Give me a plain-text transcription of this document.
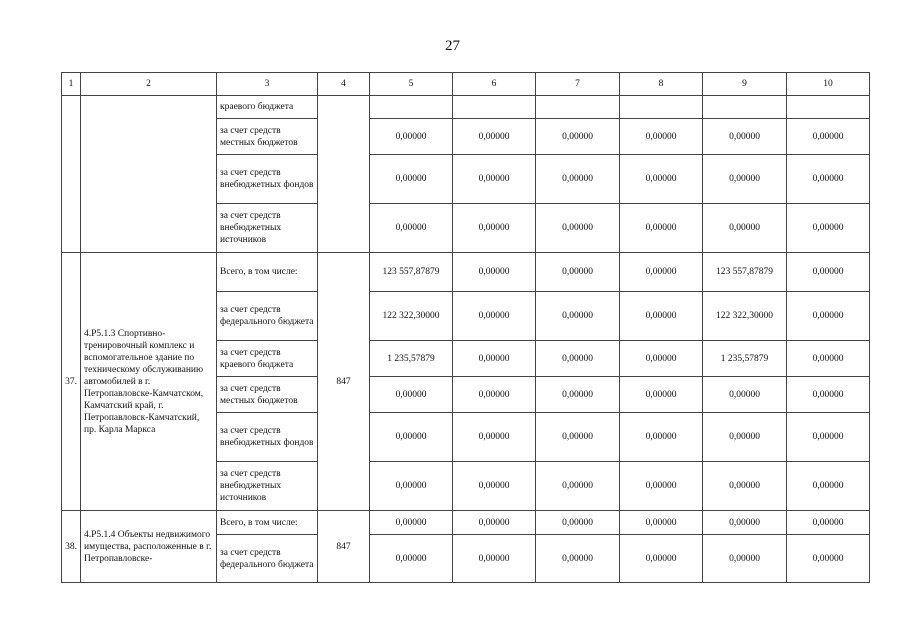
27
1	2	3	4	5	6	7	8	9	10
		краевого бюджета							
		за счет средств местных бюджетов		0,00000	0,00000	0,00000	0,00000	0,00000	0,00000
		за счет средств внебюджетных фондов		0,00000	0,00000	0,00000	0,00000	0,00000	0,00000
		за счет средств внебюджетных источников		0,00000	0,00000	0,00000	0,00000	0,00000	0,00000
37.	4.Р5.1.3 Спортивно-тренировочный комплекс и вспомогательное здание по техническому обслуживанию автомобилей в г. Петропавловске-Камчатском, Камчатский край, г. Петропавловск-Камчатский, пр. Карла Маркса	Всего, в том числе:	847	123 557,87879	0,00000	0,00000	0,00000	123 557,87879	0,00000
		за счет средств федерального бюджета		122 322,30000	0,00000	0,00000	0,00000	122 322,30000	0,00000
		за счет средств краевого бюджета		1 235,57879	0,00000	0,00000	0,00000	1 235,57879	0,00000
		за счет средств местных бюджетов		0,00000	0,00000	0,00000	0,00000	0,00000	0,00000
		за счет средств внебюджетных фондов		0,00000	0,00000	0,00000	0,00000	0,00000	0,00000
		за счет средств внебюджетных источников		0,00000	0,00000	0,00000	0,00000	0,00000	0,00000
38.	4.Р5.1.4 Объекты недвижимого имущества, расположенные в г. Петропавловске-	Всего, в том числе:	847	0,00000	0,00000	0,00000	0,00000	0,00000	0,00000
		за счет средств федерального бюджета		0,00000	0,00000	0,00000	0,00000	0,00000	0,00000
